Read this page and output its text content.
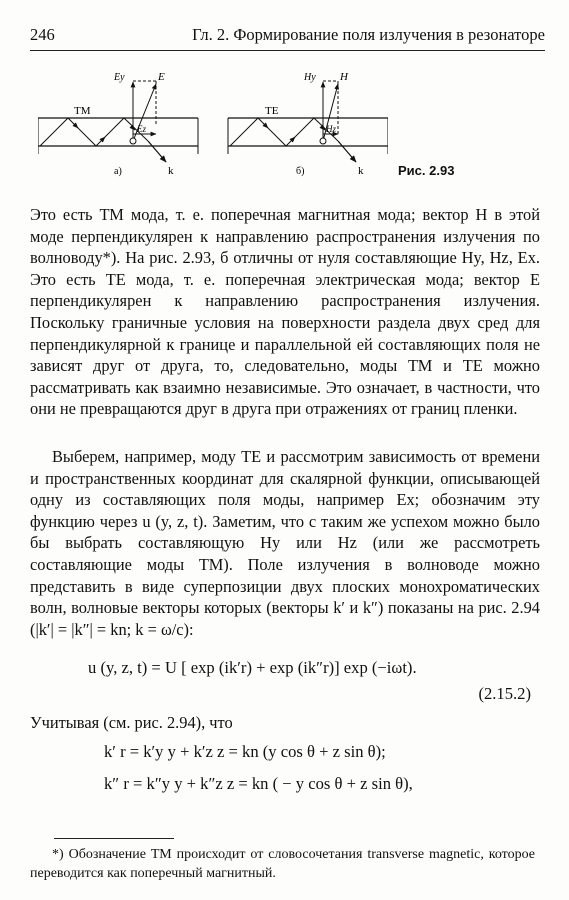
246	Гл. 2. Формирование поля излучения в резонаторе
TM
Ey	E
Ez
k
а)
TE
Hy H
Hz
k
б)	Рис. 2.93

Это есть ТМ мода, т. е. поперечная магнитная мода; вектор H в этой моде перпендикулярен к направлению распространения излучения по волноводу*). На рис. 2.93, б отличны от нуля составляющие Hy, Hz, Ex. Это есть ТЕ мода, т. е. поперечная электрическая мода; вектор E перпендикулярен к направлению распространения излучения. Поскольку граничные условия на поверхности раздела двух сред для перпендикулярной к границе и параллельной ей составляющих поля не зависят друг от друга, то, следовательно, моды ТМ и ТЕ можно рассматривать как взаимно независимые. Это означает, в частности, что они не превращаются друг в друга при отражениях от границ пленки.

Выберем, например, моду ТЕ и рассмотрим зависимость от времени и пространственных координат для скалярной функции, описывающей одну из составляющих поля моды, например Ex; обозначим эту функцию через u (y, z, t). Заметим, что с таким же успехом можно было бы выбрать составляющую Hy или Hz (или же рассмотреть составляющие моды ТМ). Поле излучения в волноводе можно представить в виде суперпозиции двух плоских монохроматических волн, волновые векторы которых (векторы k′ и k″) показаны на рис. 2.94 (|k′| = |k″| = kn; k = ω/c):

u (y, z, t) = U [ exp (ik′r) + exp (ik″r)] exp (−iωt).
(2.15.2)

Учитывая (см. рис. 2.94), что

k′ r = k′y y + k′z z = kn (y cos θ + z sin θ);
k″ r = k″y y + k″z z = kn ( − y cos θ + z sin θ),

*) Обозначение ТМ происходит от словосочетания transverse magnetic, которое переводится как поперечный магнитный.
